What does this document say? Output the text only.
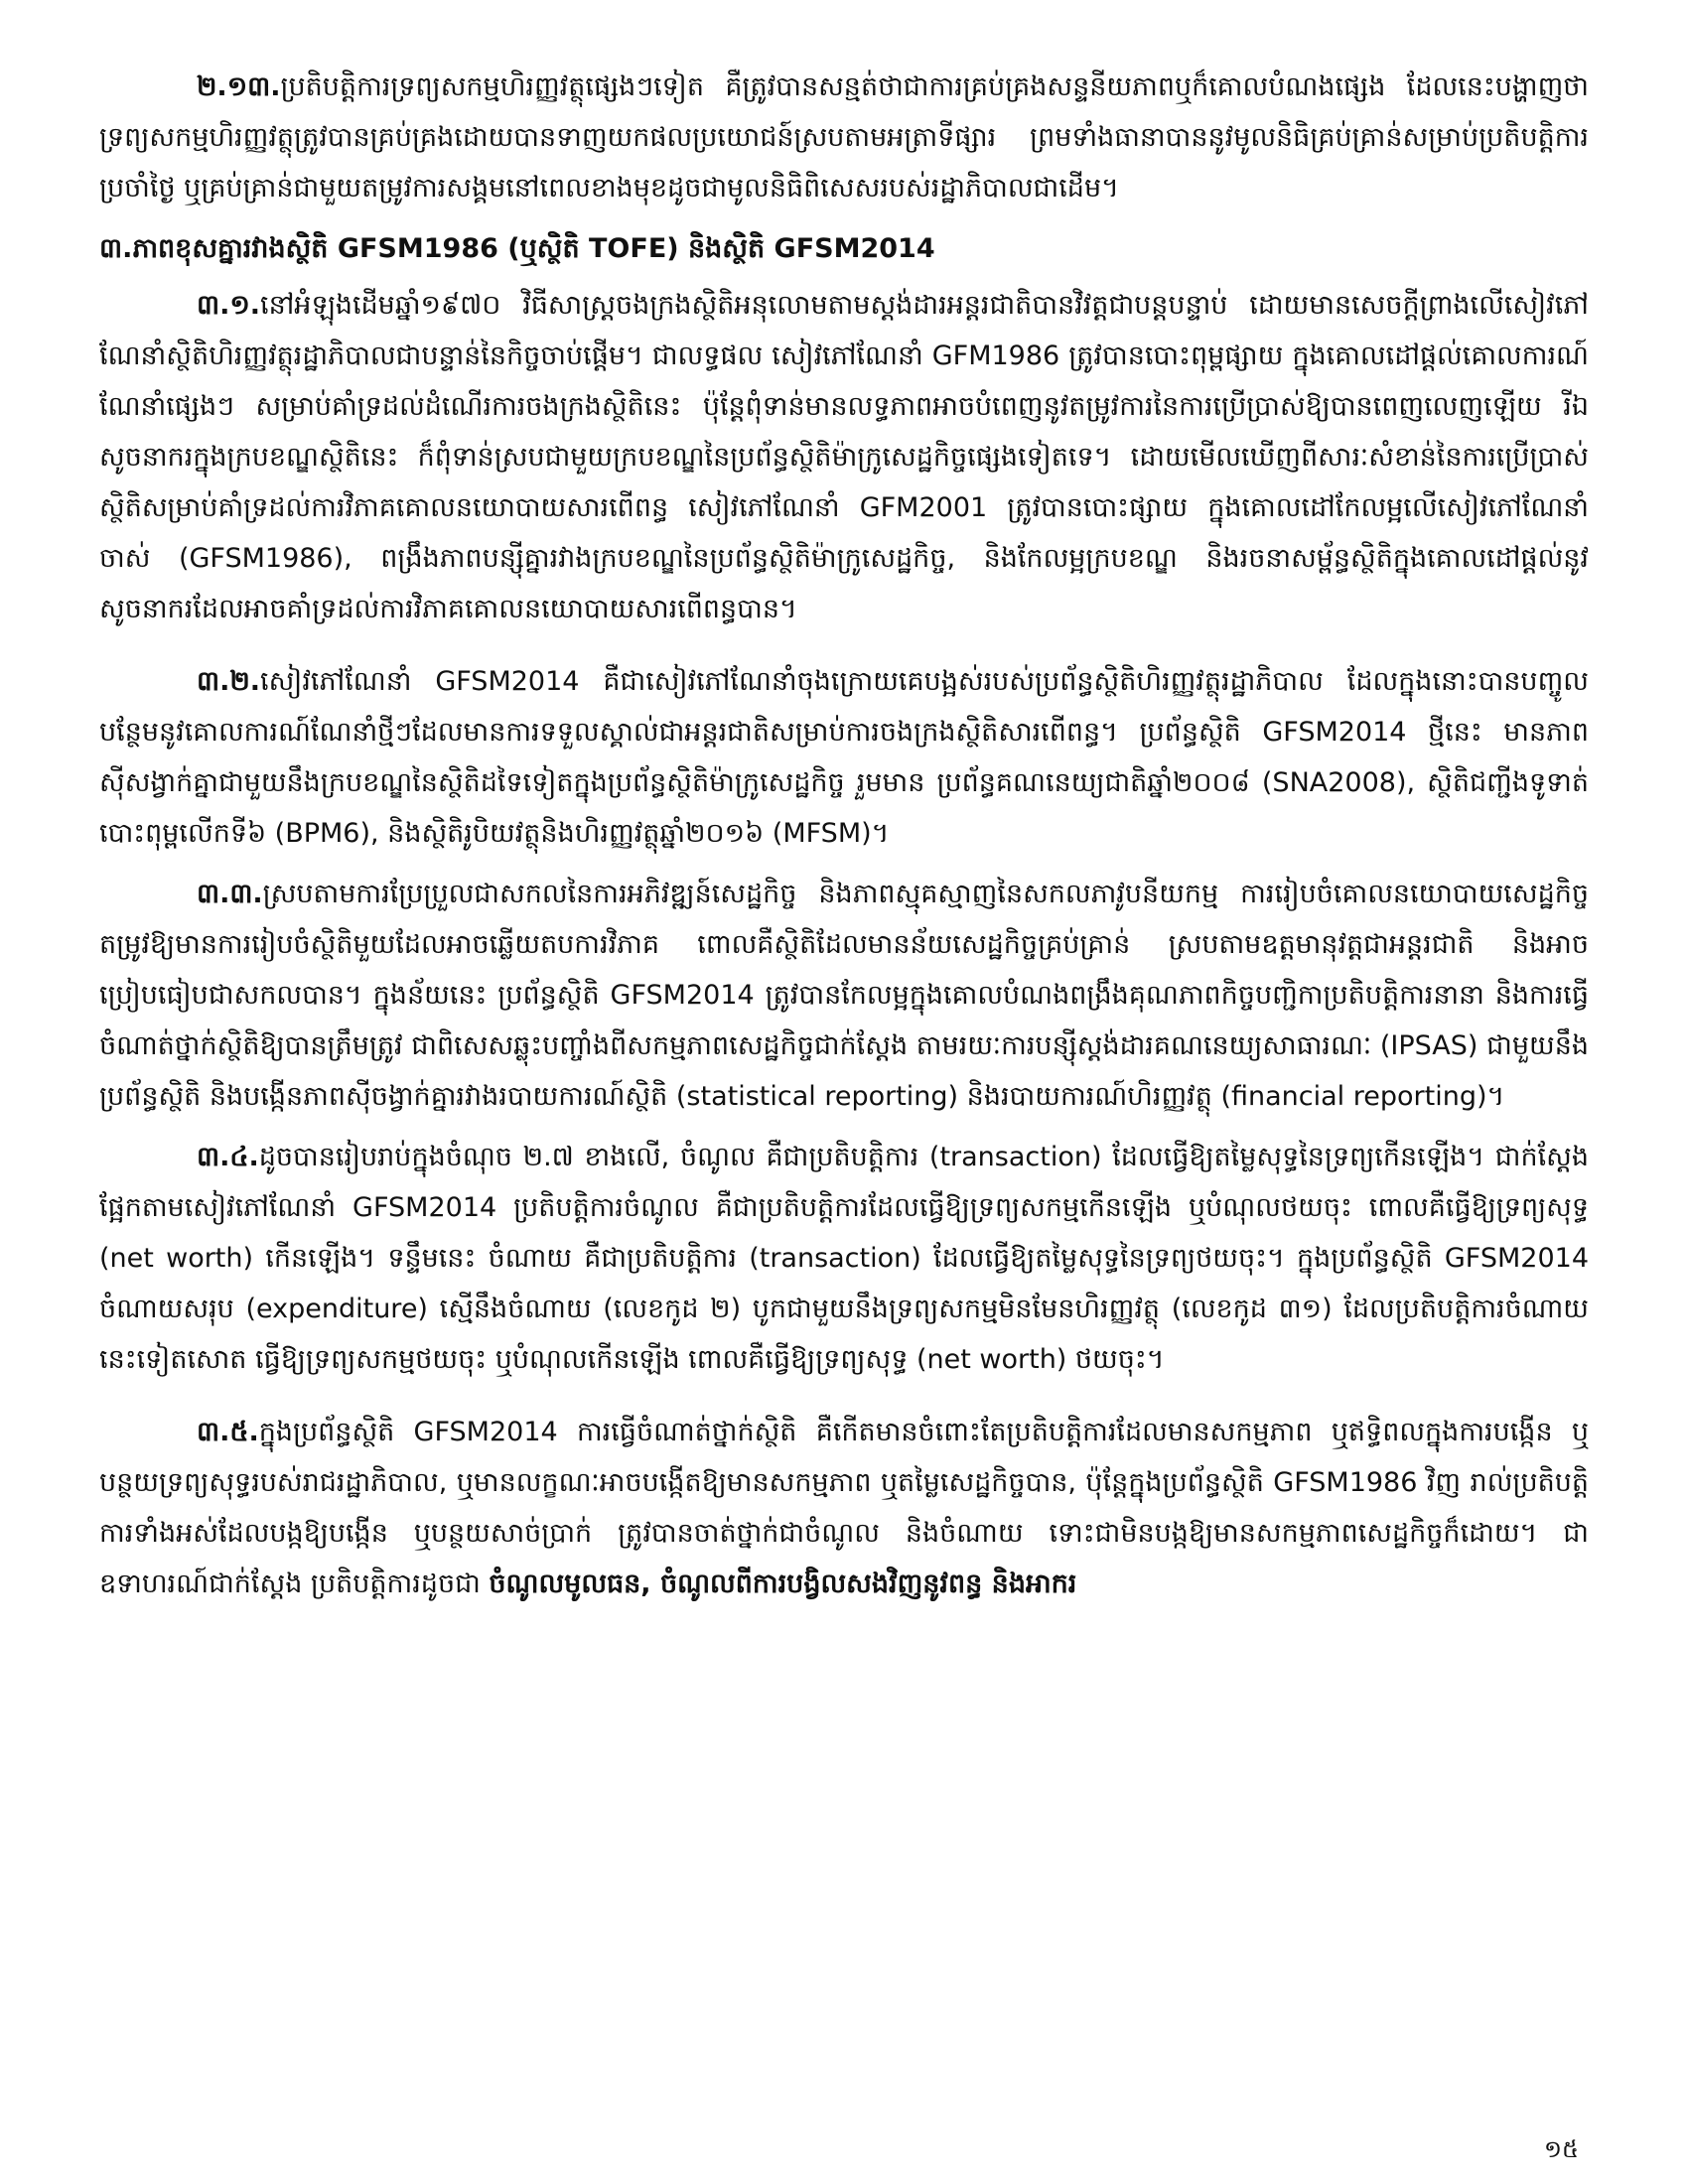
២.១៣.ប្រតិបត្តិការទ្រព្យសកម្មហិរញ្ញវត្ថុផ្សេងៗទៀត គឺត្រូវបានសន្មត់ថាជាការគ្រប់គ្រងសន្ទនីយភាពឬក៏គោលបំណងផ្សេង ដែលនេះបង្ហាញថាទ្រព្យសកម្មហិរញ្ញវត្ថុត្រូវបានគ្រប់គ្រងដោយបានទាញយកផលប្រយោជន៍ស្របតាមអត្រាទីផ្សារ ព្រមទាំងធានាបាននូវមូលនិធិគ្រប់គ្រាន់សម្រាប់ប្រតិបត្តិការប្រចាំថ្ងៃ ឬគ្រប់គ្រាន់ជាមួយតម្រូវការសង្គមនៅពេលខាងមុខដូចជាមូលនិធិពិសេសរបស់រដ្ឋាភិបាលជាដើម។

៣.ភាពខុសគ្នារវាងស្ថិតិ GFSM1986 (ឬស្ថិតិ TOFE) និងស្ថិតិ GFSM2014

៣.១.នៅអំឡុងដើមឆ្នាំ១៩៧០ វិធីសាស្ត្រចងក្រងស្ថិតិអនុលោមតាមស្តង់ដារអន្តរជាតិបានវិវត្តជាបន្តបន្ទាប់ ដោយមានសេចក្តីព្រាងលើសៀវភៅណែនាំស្ថិតិហិរញ្ញវត្ថុរដ្ឋាភិបាលជាបន្ទាន់នៃកិច្ចចាប់ផ្តើម។ ជាលទ្ធផល សៀវភៅណែនាំ GFM1986 ត្រូវបានបោះពុម្ពផ្សាយ ក្នុងគោលដៅផ្តល់គោលការណ៍ណែនាំផ្សេងៗ សម្រាប់គាំទ្រដល់ដំណើរការចងក្រងស្ថិតិនេះ ប៉ុន្តែពុំទាន់មានលទ្ធភាពអាចបំពេញនូវតម្រូវការនៃការប្រើប្រាស់ឱ្យបានពេញលេញឡើយ រីឯសូចនាករក្នុងក្របខណ្ឌស្ថិតិនេះ ក៏ពុំទាន់ស្របជាមួយក្របខណ្ឌនៃប្រព័ន្ធស្ថិតិម៉ាក្រូសេដ្ឋកិច្ចផ្សេងទៀតទេ។ ដោយមើលឃើញពីសារៈសំខាន់នៃការប្រើប្រាស់ស្ថិតិសម្រាប់គាំទ្រដល់ការវិភាគគោលនយោបាយសារពើពន្ធ សៀវភៅណែនាំ GFM2001 ត្រូវបានបោះផ្សាយ ក្នុងគោលដៅកែលម្អលើសៀវភៅណែនាំចាស់ (GFSM1986), ពង្រឹងភាពបន្សុីគ្នារវាងក្របខណ្ឌនៃប្រព័ន្ធស្ថិតិម៉ាក្រូសេដ្ឋកិច្ច, និងកែលម្អក្របខណ្ឌ និងរចនាសម្ព័ន្ធស្ថិតិក្នុងគោលដៅផ្តល់នូវសូចនាករដែលអាចគាំទ្រដល់ការវិភាគគោលនយោបាយសារពើពន្ធបាន។

៣.២.សៀវភៅណែនាំ GFSM2014 គឺជាសៀវភៅណែនាំចុងក្រោយគេបង្អស់របស់ប្រព័ន្ធស្ថិតិហិរញ្ញវត្ថុរដ្ឋាភិបាល ដែលក្នុងនោះបានបញ្ចូលបន្ថែមនូវគោលការណ៍ណែនាំថ្មីៗដែលមានការទទួលស្គាល់ជាអន្តរជាតិសម្រាប់ការចងក្រងស្ថិតិសារពើពន្ធ។ ប្រព័ន្ធស្ថិតិ GFSM2014 ថ្មីនេះ មានភាពស៊ីសង្វាក់គ្នាជាមួយនឹងក្របខណ្ឌនៃស្ថិតិដទៃទៀតក្នុងប្រព័ន្ធស្ថិតិម៉ាក្រូសេដ្ឋកិច្ច រួមមាន ប្រព័ន្ធគណនេយ្យជាតិឆ្នាំ២០០៨ (SNA2008), ស្ថិតិជញ្ជីងទូទាត់ បោះពុម្ពលើកទី៦ (BPM6), និងស្ថិតិរូបិយវត្ថុនិងហិរញ្ញវត្ថុឆ្នាំ២០១៦ (MFSM)។

៣.៣.ស្របតាមការប្រែប្រួលជាសកលនៃការអភិវឌ្ឍន៍សេដ្ឋកិច្ច និងភាពស្មុគស្មាញនៃសកលភាវូបនីយកម្ម ការរៀបចំគោលនយោបាយសេដ្ឋកិច្ច តម្រូវឱ្យមានការរៀបចំស្ថិតិមួយដែលអាចឆ្លើយតបការវិភាគ ពោលគឺស្ថិតិដែលមានន័យសេដ្ឋកិច្ចគ្រប់គ្រាន់ ស្របតាមឧត្តមានុវត្តជាអន្តរជាតិ និងអាចប្រៀបធៀបជាសកលបាន។ ក្នុងន័យនេះ ប្រព័ន្ធស្ថិតិ GFSM2014 ត្រូវបានកែលម្អក្នុងគោលបំណងពង្រឹងគុណភាពកិច្ចបញ្ជិកាប្រតិបត្តិការនានា និងការធ្វើចំណាត់ថ្នាក់ស្ថិតិឱ្យបានត្រឹមត្រូវ ជាពិសេសឆ្លុះបញ្ចាំងពីសកម្មភាពសេដ្ឋកិច្ចជាក់ស្តែង តាមរយៈការបន្សុីស្តង់ដារគណនេយ្យសាធារណៈ (IPSAS) ជាមួយនឹងប្រព័ន្ធស្ថិតិ និងបង្កើនភាពស៊ីចង្វាក់គ្នារវាងរបាយការណ៍ស្ថិតិ (statistical reporting) និងរបាយការណ៍ហិរញ្ញវត្ថុ (financial reporting)។

៣.៤.ដូចបានរៀបរាប់ក្នុងចំណុច ២.៧ ខាងលើ, ចំណូល គឺជាប្រតិបត្តិការ (transaction) ដែលធ្វើឱ្យតម្លៃសុទ្ធនៃទ្រព្យកើនឡើង។ ជាក់ស្តែង ផ្អែកតាមសៀវភៅណែនាំ GFSM2014 ប្រតិបត្តិការចំណូល គឺជាប្រតិបត្តិការដែលធ្វើឱ្យទ្រព្យសកម្មកើនឡើង ឬបំណុលថយចុះ ពោលគឺធ្វើឱ្យទ្រព្យសុទ្ធ (net worth) កើនឡើង។ ទន្ទឹមនេះ ចំណាយ គឺជាប្រតិបត្តិការ (transaction) ដែលធ្វើឱ្យតម្លៃសុទ្ធនៃទ្រព្យថយចុះ។ ក្នុងប្រព័ន្ធស្ថិតិ GFSM2014 ចំណាយសរុប (expenditure) ស្មើនឹងចំណាយ (លេខកូដ ២) បូកជាមួយនឹងទ្រព្យសកម្មមិនមែនហិរញ្ញវត្ថុ (លេខកូដ ៣១) ដែលប្រតិបត្តិការចំណាយនេះទៀតសោត ធ្វើឱ្យទ្រព្យសកម្មថយចុះ ឬបំណុលកើនឡើង ពោលគឺធ្វើឱ្យទ្រព្យសុទ្ធ (net worth) ថយចុះ។

៣.៥.ក្នុងប្រព័ន្ធស្ថិតិ GFSM2014 ការធ្វើចំណាត់ថ្នាក់ស្ថិតិ គឺកើតមានចំពោះតែប្រតិបត្តិការដែលមានសកម្មភាព ឬឥទ្ធិពលក្នុងការបង្កើន ឬបន្ថយទ្រព្យសុទ្ធរបស់រាជរដ្ឋាភិបាល, ឬមានលក្ខណៈអាចបង្កើតឱ្យមានសកម្មភាព ឬតម្លៃសេដ្ឋកិច្ចបាន, ប៉ុន្តែក្នុងប្រព័ន្ធស្ថិតិ GFSM1986 វិញ រាល់ប្រតិបត្តិការទាំងអស់ដែលបង្កឱ្យបង្កើន ឬបន្ថយសាច់ប្រាក់ ត្រូវបានចាត់ថ្នាក់ជាចំណូល និងចំណាយ ទោះជាមិនបង្កឱ្យមានសកម្មភាពសេដ្ឋកិច្ចក៏ដោយ។ ជាឧទាហរណ៍ជាក់ស្តែង ប្រតិបត្តិការដូចជា ចំណូលមូលធន, ចំណូលពីការបង្វិលសងវិញនូវពន្ធ និងអាករ

១៥
